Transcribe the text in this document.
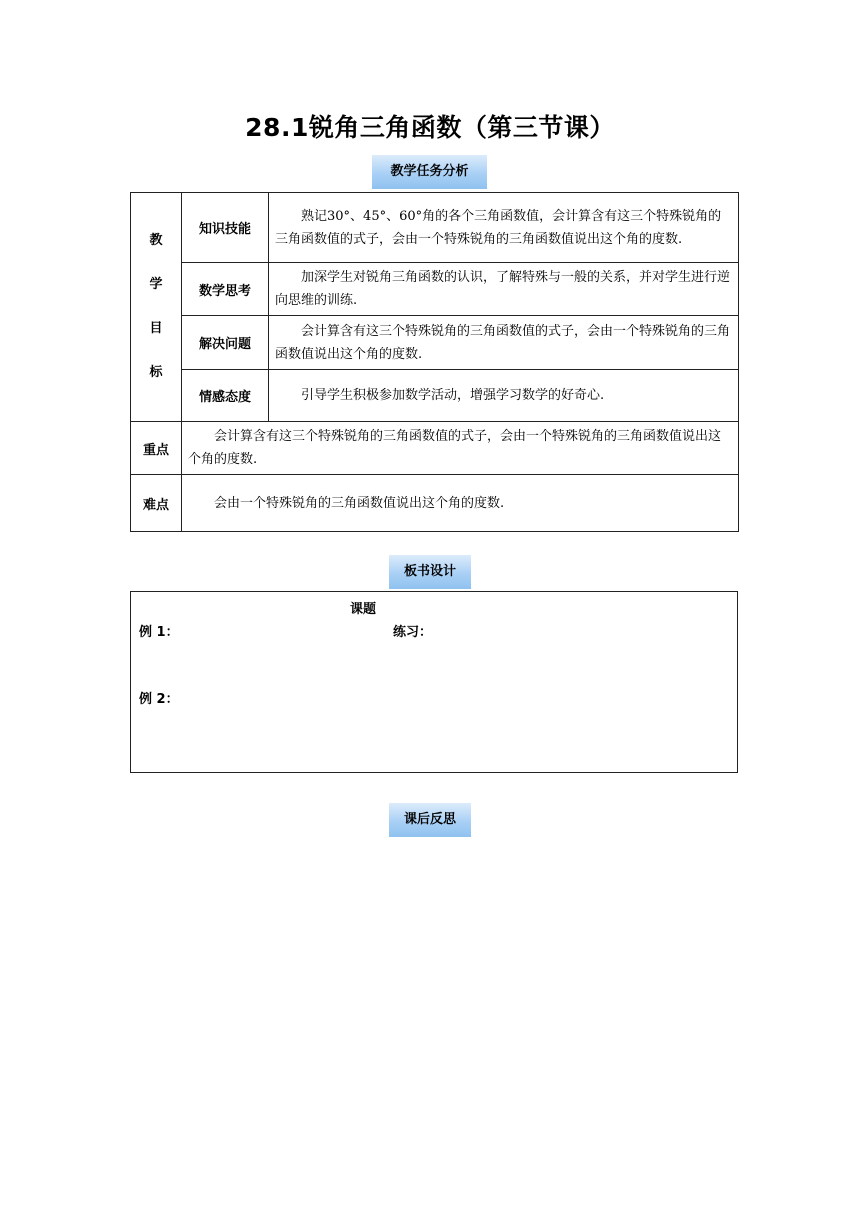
28.1锐角三角函数（第三节课）
教学任务分析
教
学
目
标	知识技能	熟记30°、45°、60°角的各个三角函数值，会计算含有这三个特殊锐角的三角函数值的式子，会由一个特殊锐角的三角函数值说出这个角的度数.
	数学思考	加深学生对锐角三角函数的认识，了解特殊与一般的关系，并对学生进行逆向思维的训练.
	解决问题	会计算含有这三个特殊锐角的三角函数值的式子，会由一个特殊锐角的三角函数值说出这个角的度数.
	情感态度	引导学生积极参加数学活动，增强学习数学的好奇心.
重点	会计算含有这三个特殊锐角的三角函数值的式子，会由一个特殊锐角的三角函数值说出这个角的度数.	
难点	会由一个特殊锐角的三角函数值说出这个角的度数.	
板书设计
课题
例 1：	练习：
例 2：
课后反思
